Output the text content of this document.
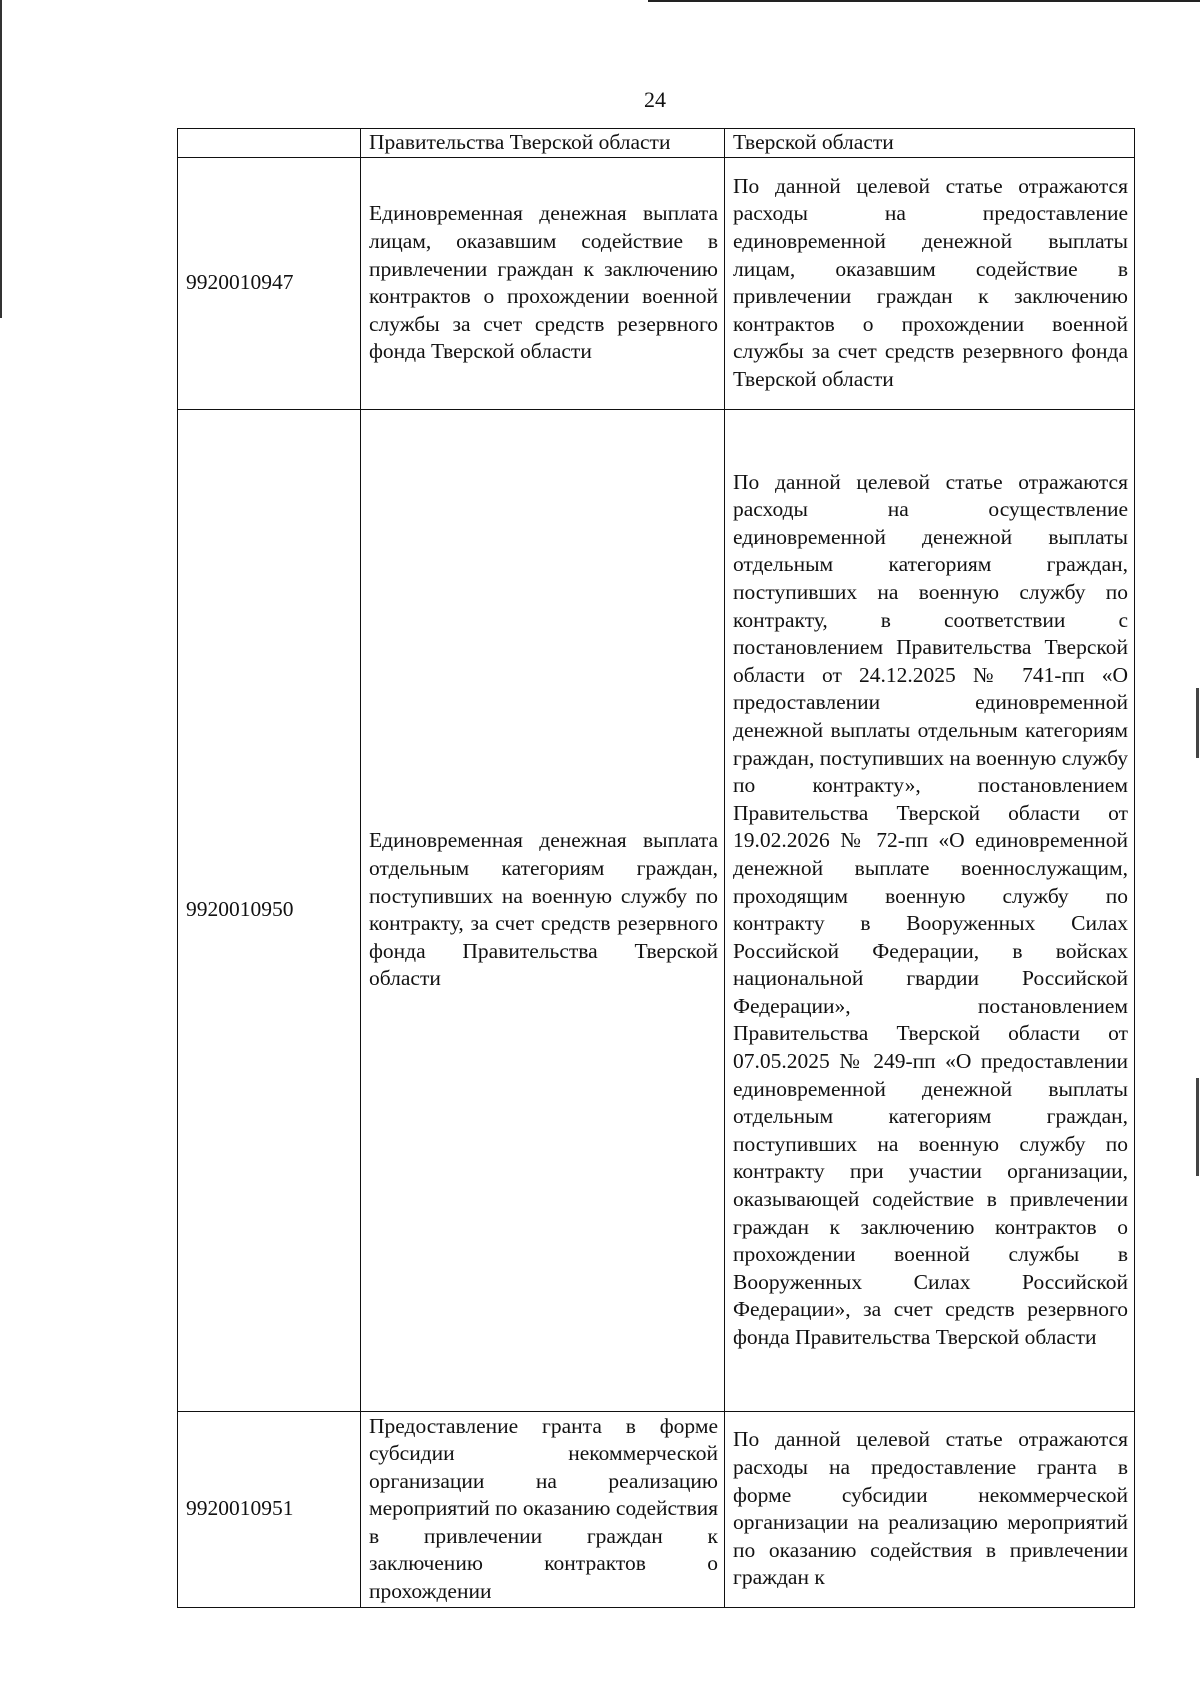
24
	Правительства Тверской области	Тверской области
9920010947	Единовременная денежная выплата лицам, оказавшим содействие в привлечении граждан к заключению контрактов о прохождении военной службы за счет средств резервного фонда Тверской области	По данной целевой статье отражаются расходы на предоставление единовременной денежной выплаты лицам, оказавшим содействие в привлечении граждан к заключению контрактов о прохождении военной службы за счет средств резервного фонда Тверской области
9920010950	Единовременная денежная выплата отдельным категориям граждан, поступивших на военную службу по контракту, за счет средств резервного фонда Правительства Тверской области	По данной целевой статье отражаются расходы на осуществление единовременной денежной выплаты отдельным категориям граждан, поступивших на военную службу по контракту, в соответствии с постановлением Правительства Тверской области от 24.12.2025 № 741-пп «О предоставлении единовременной денежной выплаты отдельным категориям граждан, поступивших на военную службу по контракту», постановлением Правительства Тверской области от 19.02.2026 № 72-пп «О единовременной денежной выплате военнослужащим, проходящим военную службу по контракту в Вооруженных Силах Российской Федерации, в войсках национальной гвардии Российской Федерации», постановлением Правительства Тверской области от 07.05.2025 № 249-пп «О предоставлении единовременной денежной выплаты отдельным категориям граждан, поступивших на военную службу по контракту при участии организации, оказывающей содействие в привлечении граждан к заключению контрактов о прохождении военной службы в Вооруженных Силах Российской Федерации», за счет средств резервного фонда Правительства Тверской области
9920010951	Предоставление гранта в форме субсидии некоммерческой организации на реализацию мероприятий по оказанию содействия в привлечении граждан к заключению контрактов о прохождении	По данной целевой статье отражаются расходы на предоставление гранта в форме субсидии некоммерческой организации на реализацию мероприятий по оказанию содействия в привлечении граждан к
